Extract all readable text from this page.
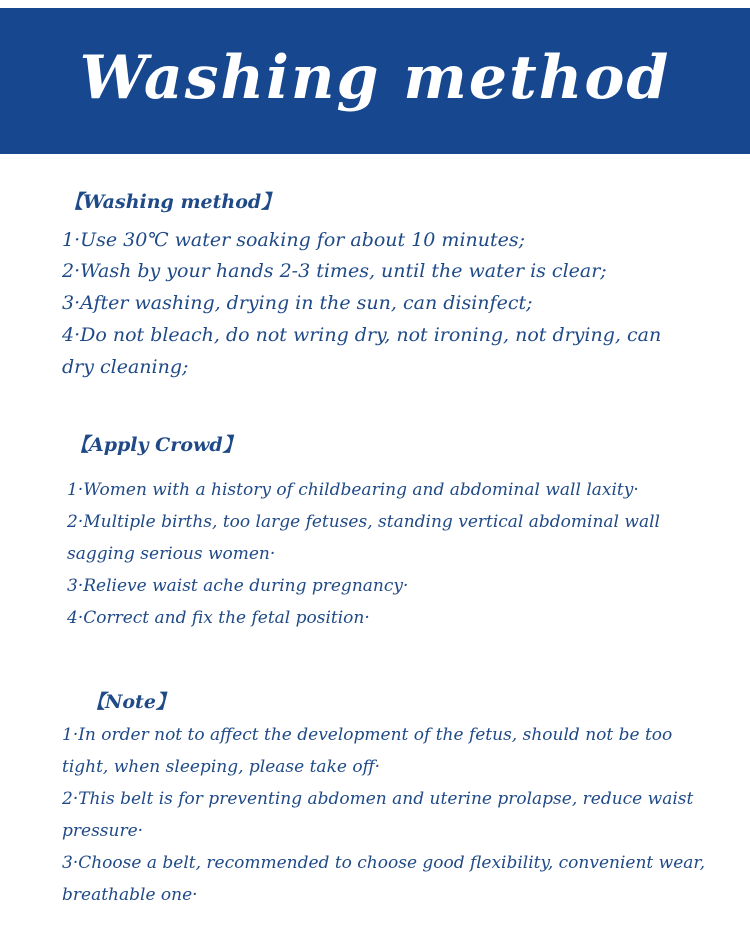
Washing method
【Washing method】
1·Use 30℃ water soaking for about 10 minutes;
2·Wash by your hands 2-3 times, until the water is clear;
3·After washing, drying in the sun, can disinfect;
4·Do not bleach, do not wring dry, not ironing, not drying, can
dry cleaning;
【Apply Crowd】
1·Women with a history of childbearing and abdominal wall laxity·
2·Multiple births, too large fetuses, standing vertical abdominal wall
sagging serious women·
3·Relieve waist ache during pregnancy·
4·Correct and fix the fetal position·
【Note】
1·In order not to affect the development of the fetus, should not be too
tight, when sleeping, please take off·
2·This belt is for preventing abdomen and uterine prolapse, reduce waist
pressure·
3·Choose a belt, recommended to choose good flexibility, convenient wear,
breathable one·
